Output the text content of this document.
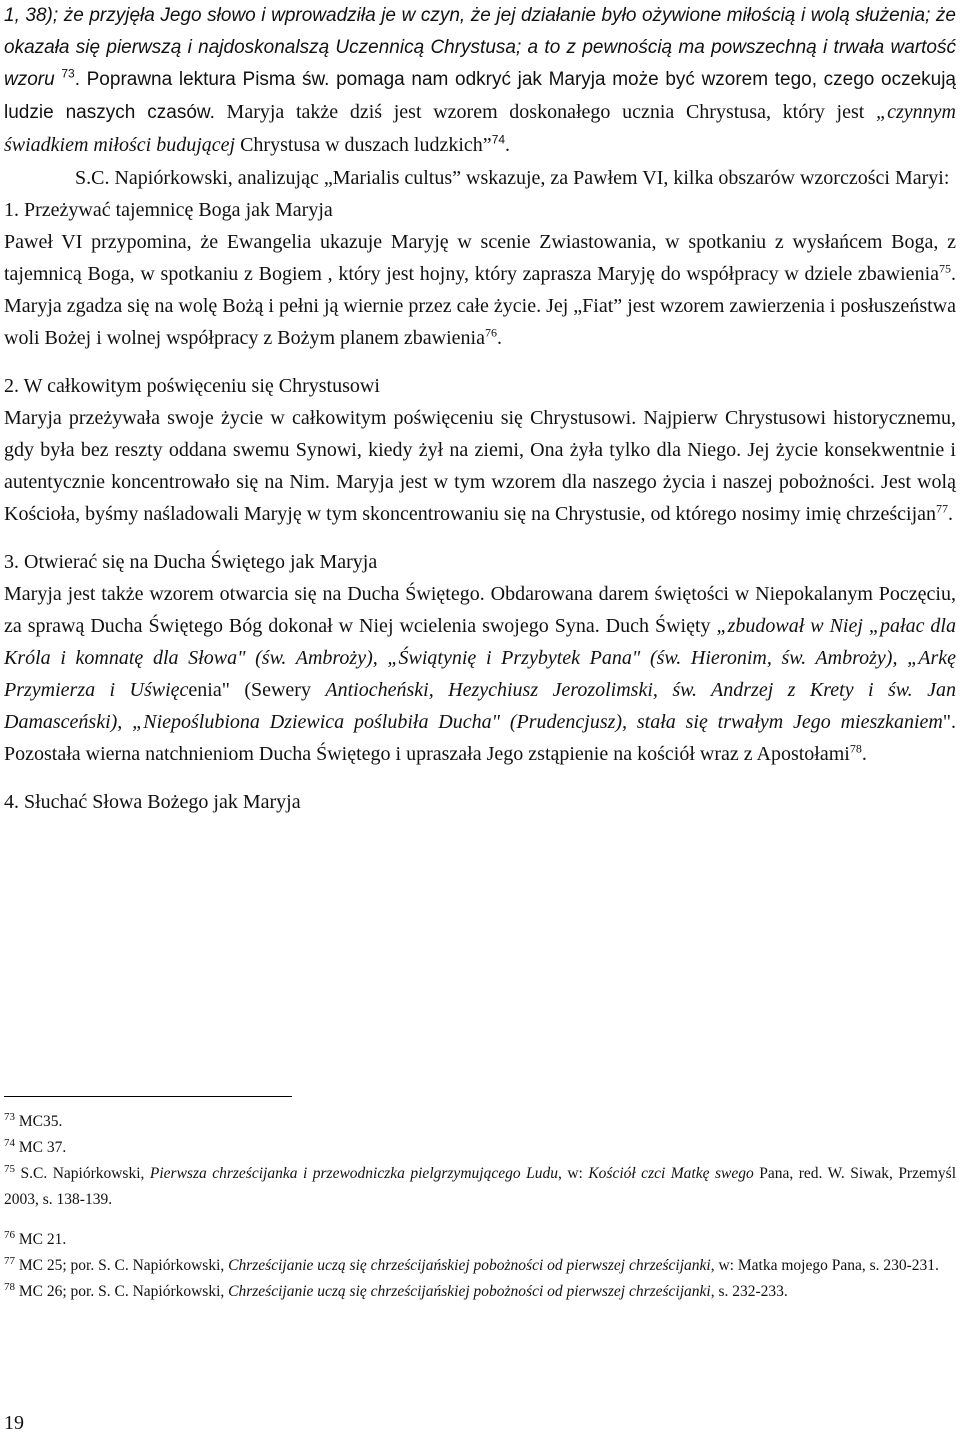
1, 38); że przyjęła Jego słowo i wprowadziła je w czyn, że jej działanie było ożywione miłością i wolą służenia; że okazała się pierwszą i najdoskonalszą Uczennicą Chrystusa; a to z pewnością ma powszechną i trwała wartość wzoru $^{73}$. Poprawna lektura Pisma św. pomaga nam odkryć jak Maryja może być wzorem tego, czego oczekują ludzie naszych czasów. Maryja także dziś jest wzorem doskonałego ucznia Chrystusa, który jest „czynnym świadkiem miłości budującej Chrystusa w duszach ludzkich”$^{74}$.

S.C. Napiórkowski, analizując „Marialis cultus” wskazuje, za Pawłem VI, kilka obszarów wzorczości Maryi:

1. Przeżywać tajemnicę Boga jak Maryja

Paweł VI przypomina, że Ewangelia ukazuje Maryję w scenie Zwiastowania, w spotkaniu z wysłańcem Boga, z tajemnicą Boga, w spotkaniu z Bogiem , który jest hojny, który zaprasza Maryję do współpracy w dziele zbawienia$^{75}$. Maryja zgadza się na wolę Bożą i pełni ją wiernie przez całe życie. Jej „Fiat” jest wzorem zawierzenia i posłuszeństwa woli Bożej i wolnej współpracy z Bożym planem zbawienia$^{76}$.

2. W całkowitym poświęceniu się Chrystusowi

Maryja przeżywała swoje życie w całkowitym poświęceniu się Chrystusowi. Najpierw Chrystusowi historycznemu, gdy była bez reszty oddana swemu Synowi, kiedy żył na ziemi, Ona żyła tylko dla Niego. Jej życie konsekwentnie i autentycznie koncentrowało się na Nim. Maryja jest w tym wzorem dla naszego życia i naszej pobożności. Jest wolą Kościoła, byśmy naśladowali Maryję w tym skoncentrowaniu się na Chrystusie, od którego nosimy imię chrześcijan$^{77}$.

3. Otwierać się na Ducha Świętego jak Maryja

Maryja jest także wzorem otwarcia się na Ducha Świętego. Obdarowana darem świętości w Niepokalanym Poczęciu, za sprawą Ducha Świętego Bóg dokonał w Niej wcielenia swojego Syna. Duch Święty „zbudował w Niej „pałac dla Króla i komnatę dla Słowa" (św. Ambroży), „Świątynię i Przybytek Pana" (św. Hieronim, św. Ambroży), „Arkę Przymierza i Uświęcenia" (Sewery Antiocheński, Hezychiusz Jerozolimski, św. Andrzej z Krety i św. Jan Damasceński), „Niepoślubiona Dziewica poślubiła Ducha" (Prudencjusz), stała się trwałym Jego mieszkaniem". Pozostała wierna natchnieniom Ducha Świętego i upraszała Jego zstąpienie na kościół wraz z Apostołami$^{78}$.

4. Słuchać Słowa Bożego jak Maryja

$^{73}$ MC35.

$^{74}$ MC 37.

$^{75}$ S.C. Napiórkowski, Pierwsza chrześcijanka i przewodniczka pielgrzymującego Ludu, w: Kościół czci Matkę swego Pana, red. W. Siwak, Przemyśl 2003, s. 138-139.

$^{76}$ MC 21.

$^{77}$ MC 25; por. S. C. Napiórkowski, Chrześcijanie uczą się chrześcijańskiej pobożności od pierwszej chrześcijanki, w: Matka mojego Pana, s. 230-231.

$^{78}$ MC 26; por. S. C. Napiórkowski, Chrześcijanie uczą się chrześcijańskiej pobożności od pierwszej chrześcijanki, s. 232-233.

19
